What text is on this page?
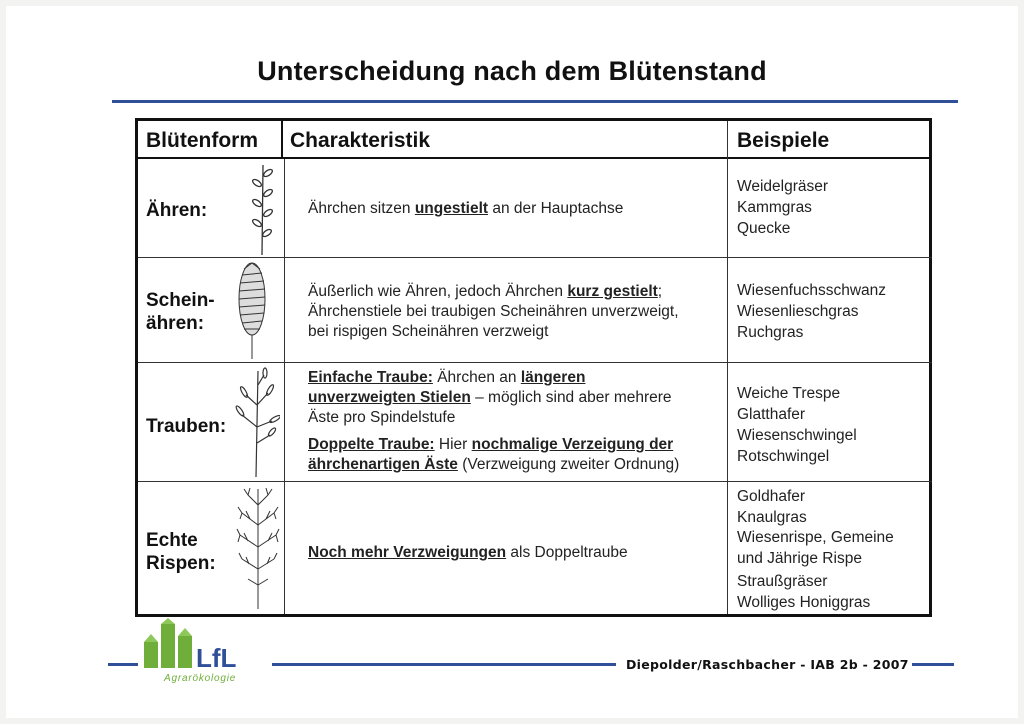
Unterscheidung nach dem Blütenstand
Blütenform Charakteristik	Beispiele
Ähren:	Ährchen sitzen ungestielt an der Hauptachse
Weidelgräser
Kammgras
Quecke
Schein-
ähren:
Äußerlich wie Ähren, jedoch Ährchen kurz gestielt;
Ährchenstiele bei traubigen Scheinähren unverzweigt,
bei rispigen Scheinähren verzweigt
Wiesenfuchsschwanz
Wiesenlieschgras
Ruchgras
Trauben:
Einfache Traube: Ährchen an längeren
unverzweigten Stielen – möglich sind aber mehrere
Äste pro Spindelstufe
Doppelte Traube: Hier nochmalige Verzeigung der
ährchenartigen Äste (Verzweigung zweiter Ordnung)
Weiche Trespe
Glatthafer
Wiesenschwingel
Rotschwingel
Echte
Rispen:
Noch mehr Verzweigungen als Doppeltraube
Goldhafer
Knaulgras
Wiesenrispe, Gemeine
und Jährige Rispe
Straußgräser
Wolliges Honiggras
LfL
Agrarökologie
Diepolder/Raschbacher - IAB 2b - 2007
